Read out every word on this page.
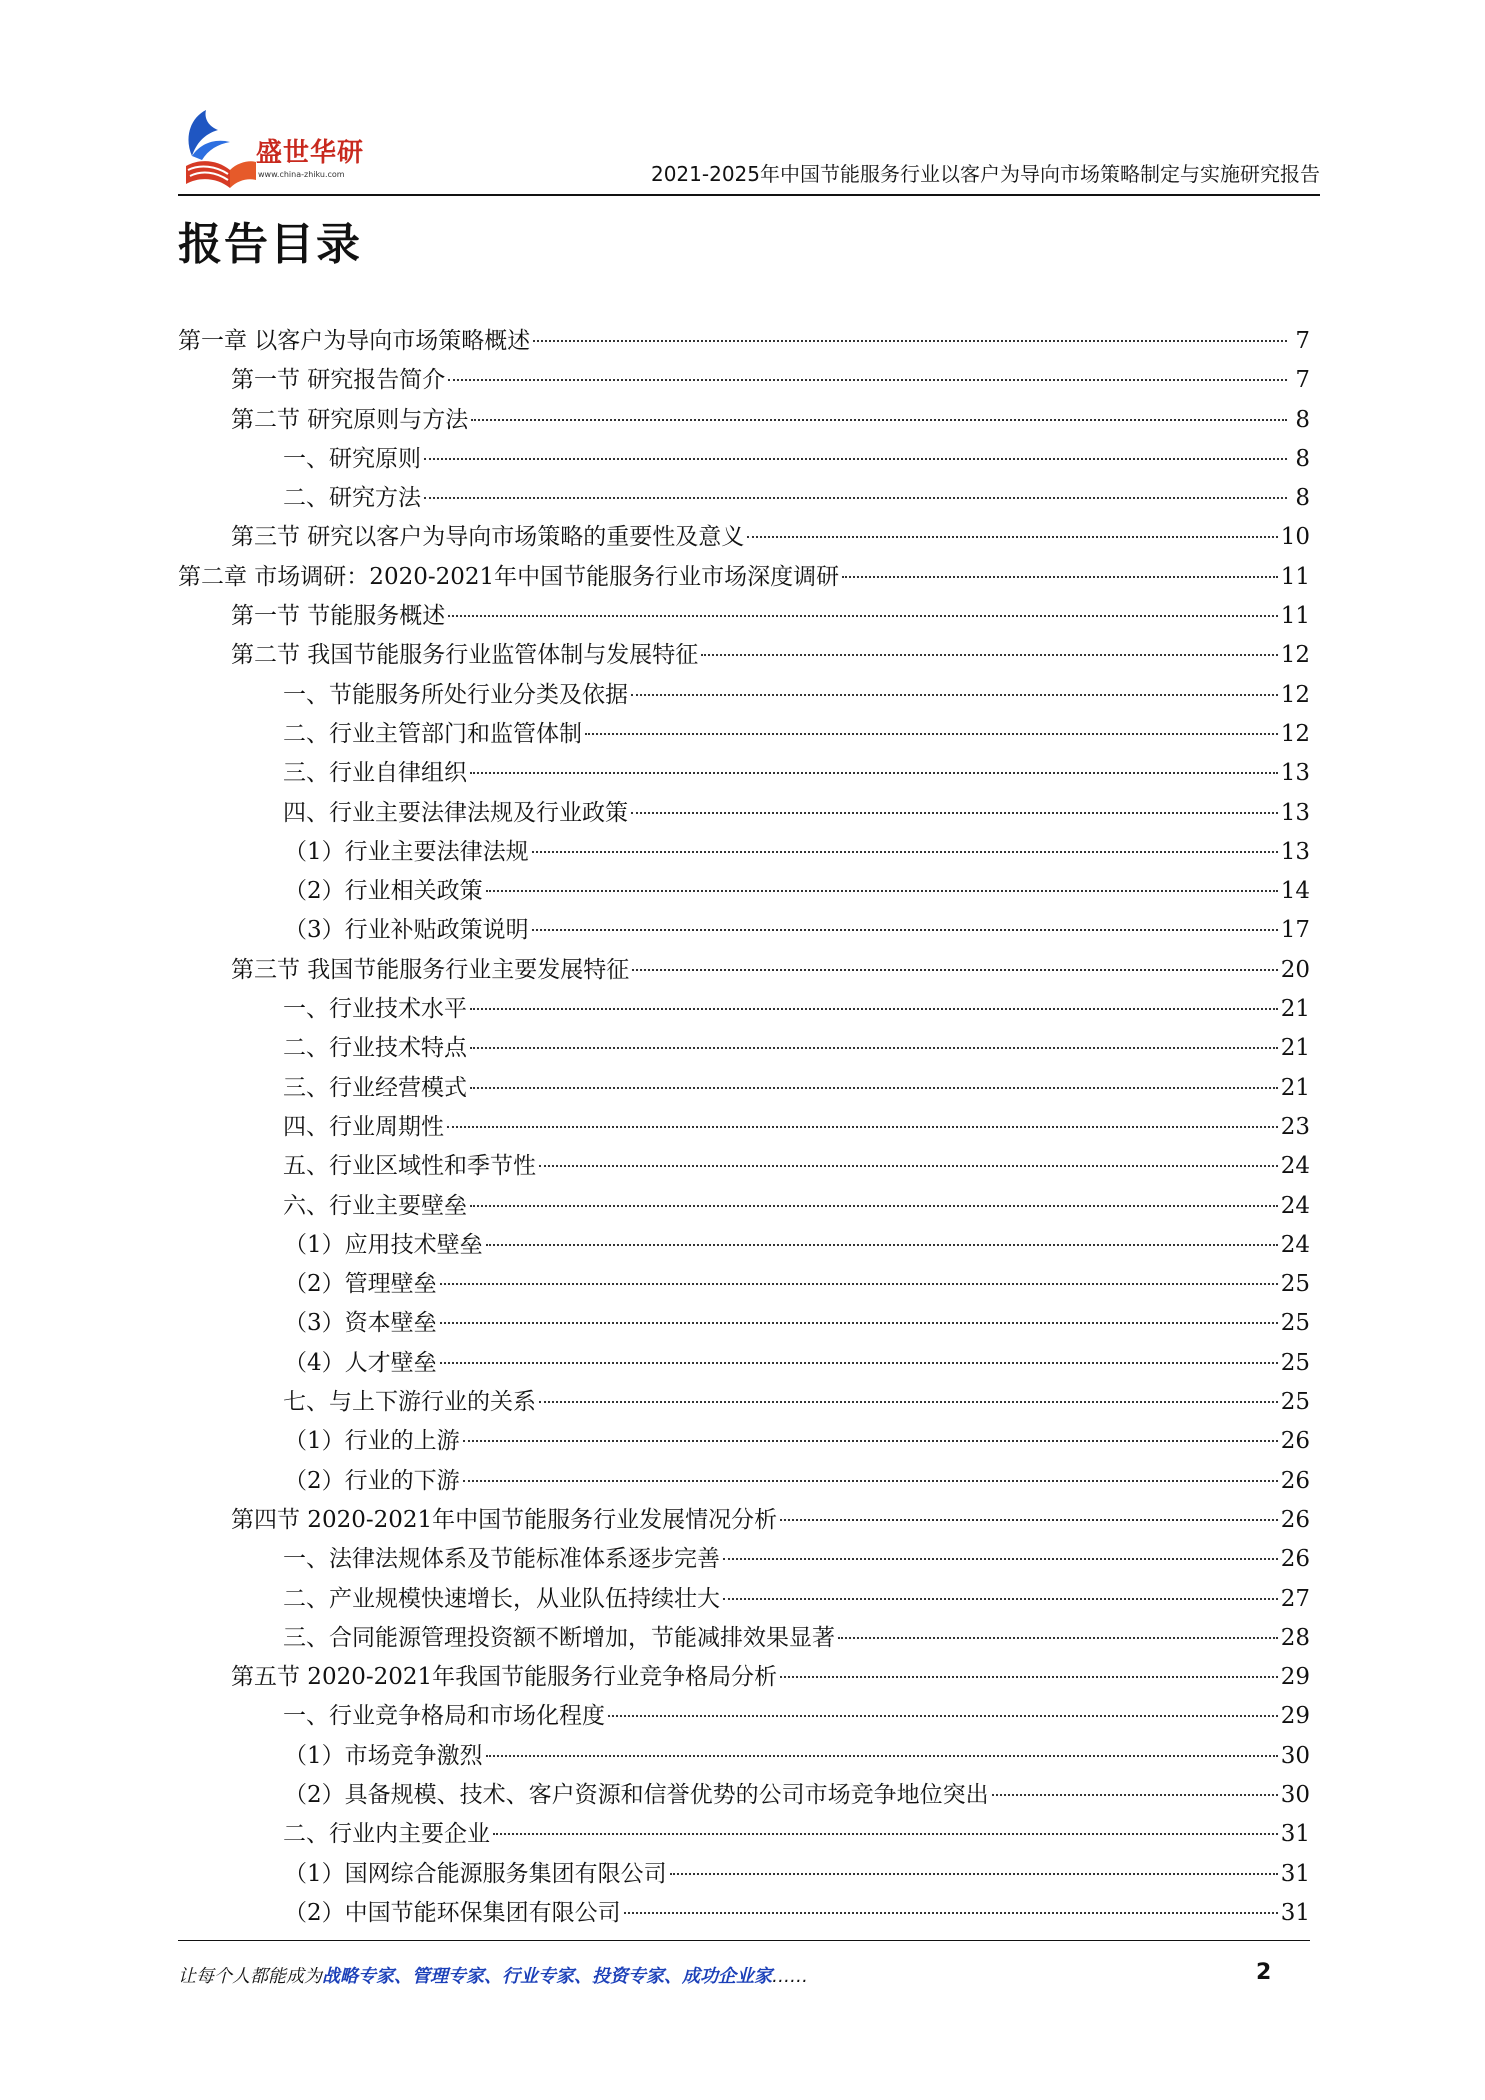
盛世华研
www.china-zhiku.com	2021-2025年中国节能服务行业以客户为导向市场策略制定与实施研究报告
报告目录
第一章 以客户为导向市场策略概述	7
第一节 研究报告简介	7
第二节 研究原则与方法	8
一、研究原则	8
二、研究方法	8
第三节 研究以客户为导向市场策略的重要性及意义	10
第二章 市场调研：2020-2021年中国节能服务行业市场深度调研	11
第一节 节能服务概述	11
第二节 我国节能服务行业监管体制与发展特征	12
一、节能服务所处行业分类及依据	12
二、行业主管部门和监管体制	12
三、行业自律组织	13
四、行业主要法律法规及行业政策	13
（1）行业主要法律法规	13
（2）行业相关政策	14
（3）行业补贴政策说明	17
第三节 我国节能服务行业主要发展特征	20
一、行业技术水平	21
二、行业技术特点	21
三、行业经营模式	21
四、行业周期性	23
五、行业区域性和季节性	24
六、行业主要壁垒	24
（1）应用技术壁垒	24
（2）管理壁垒	25
（3）资本壁垒	25
（4）人才壁垒	25
七、与上下游行业的关系	25
（1）行业的上游	26
（2）行业的下游	26
第四节 2020-2021年中国节能服务行业发展情况分析	26
一、法律法规体系及节能标准体系逐步完善	26
二、产业规模快速增长，从业队伍持续壮大	27
三、合同能源管理投资额不断增加，节能减排效果显著	28
第五节 2020-2021年我国节能服务行业竞争格局分析	29
一、行业竞争格局和市场化程度	29
（1）市场竞争激烈	30
（2）具备规模、技术、客户资源和信誉优势的公司市场竞争地位突出	30
二、行业内主要企业	31
（1）国网综合能源服务集团有限公司	31
（2）中国节能环保集团有限公司	31
让每个人都能成为战略专家、管理专家、行业专家、投资专家、成功企业家……	2
